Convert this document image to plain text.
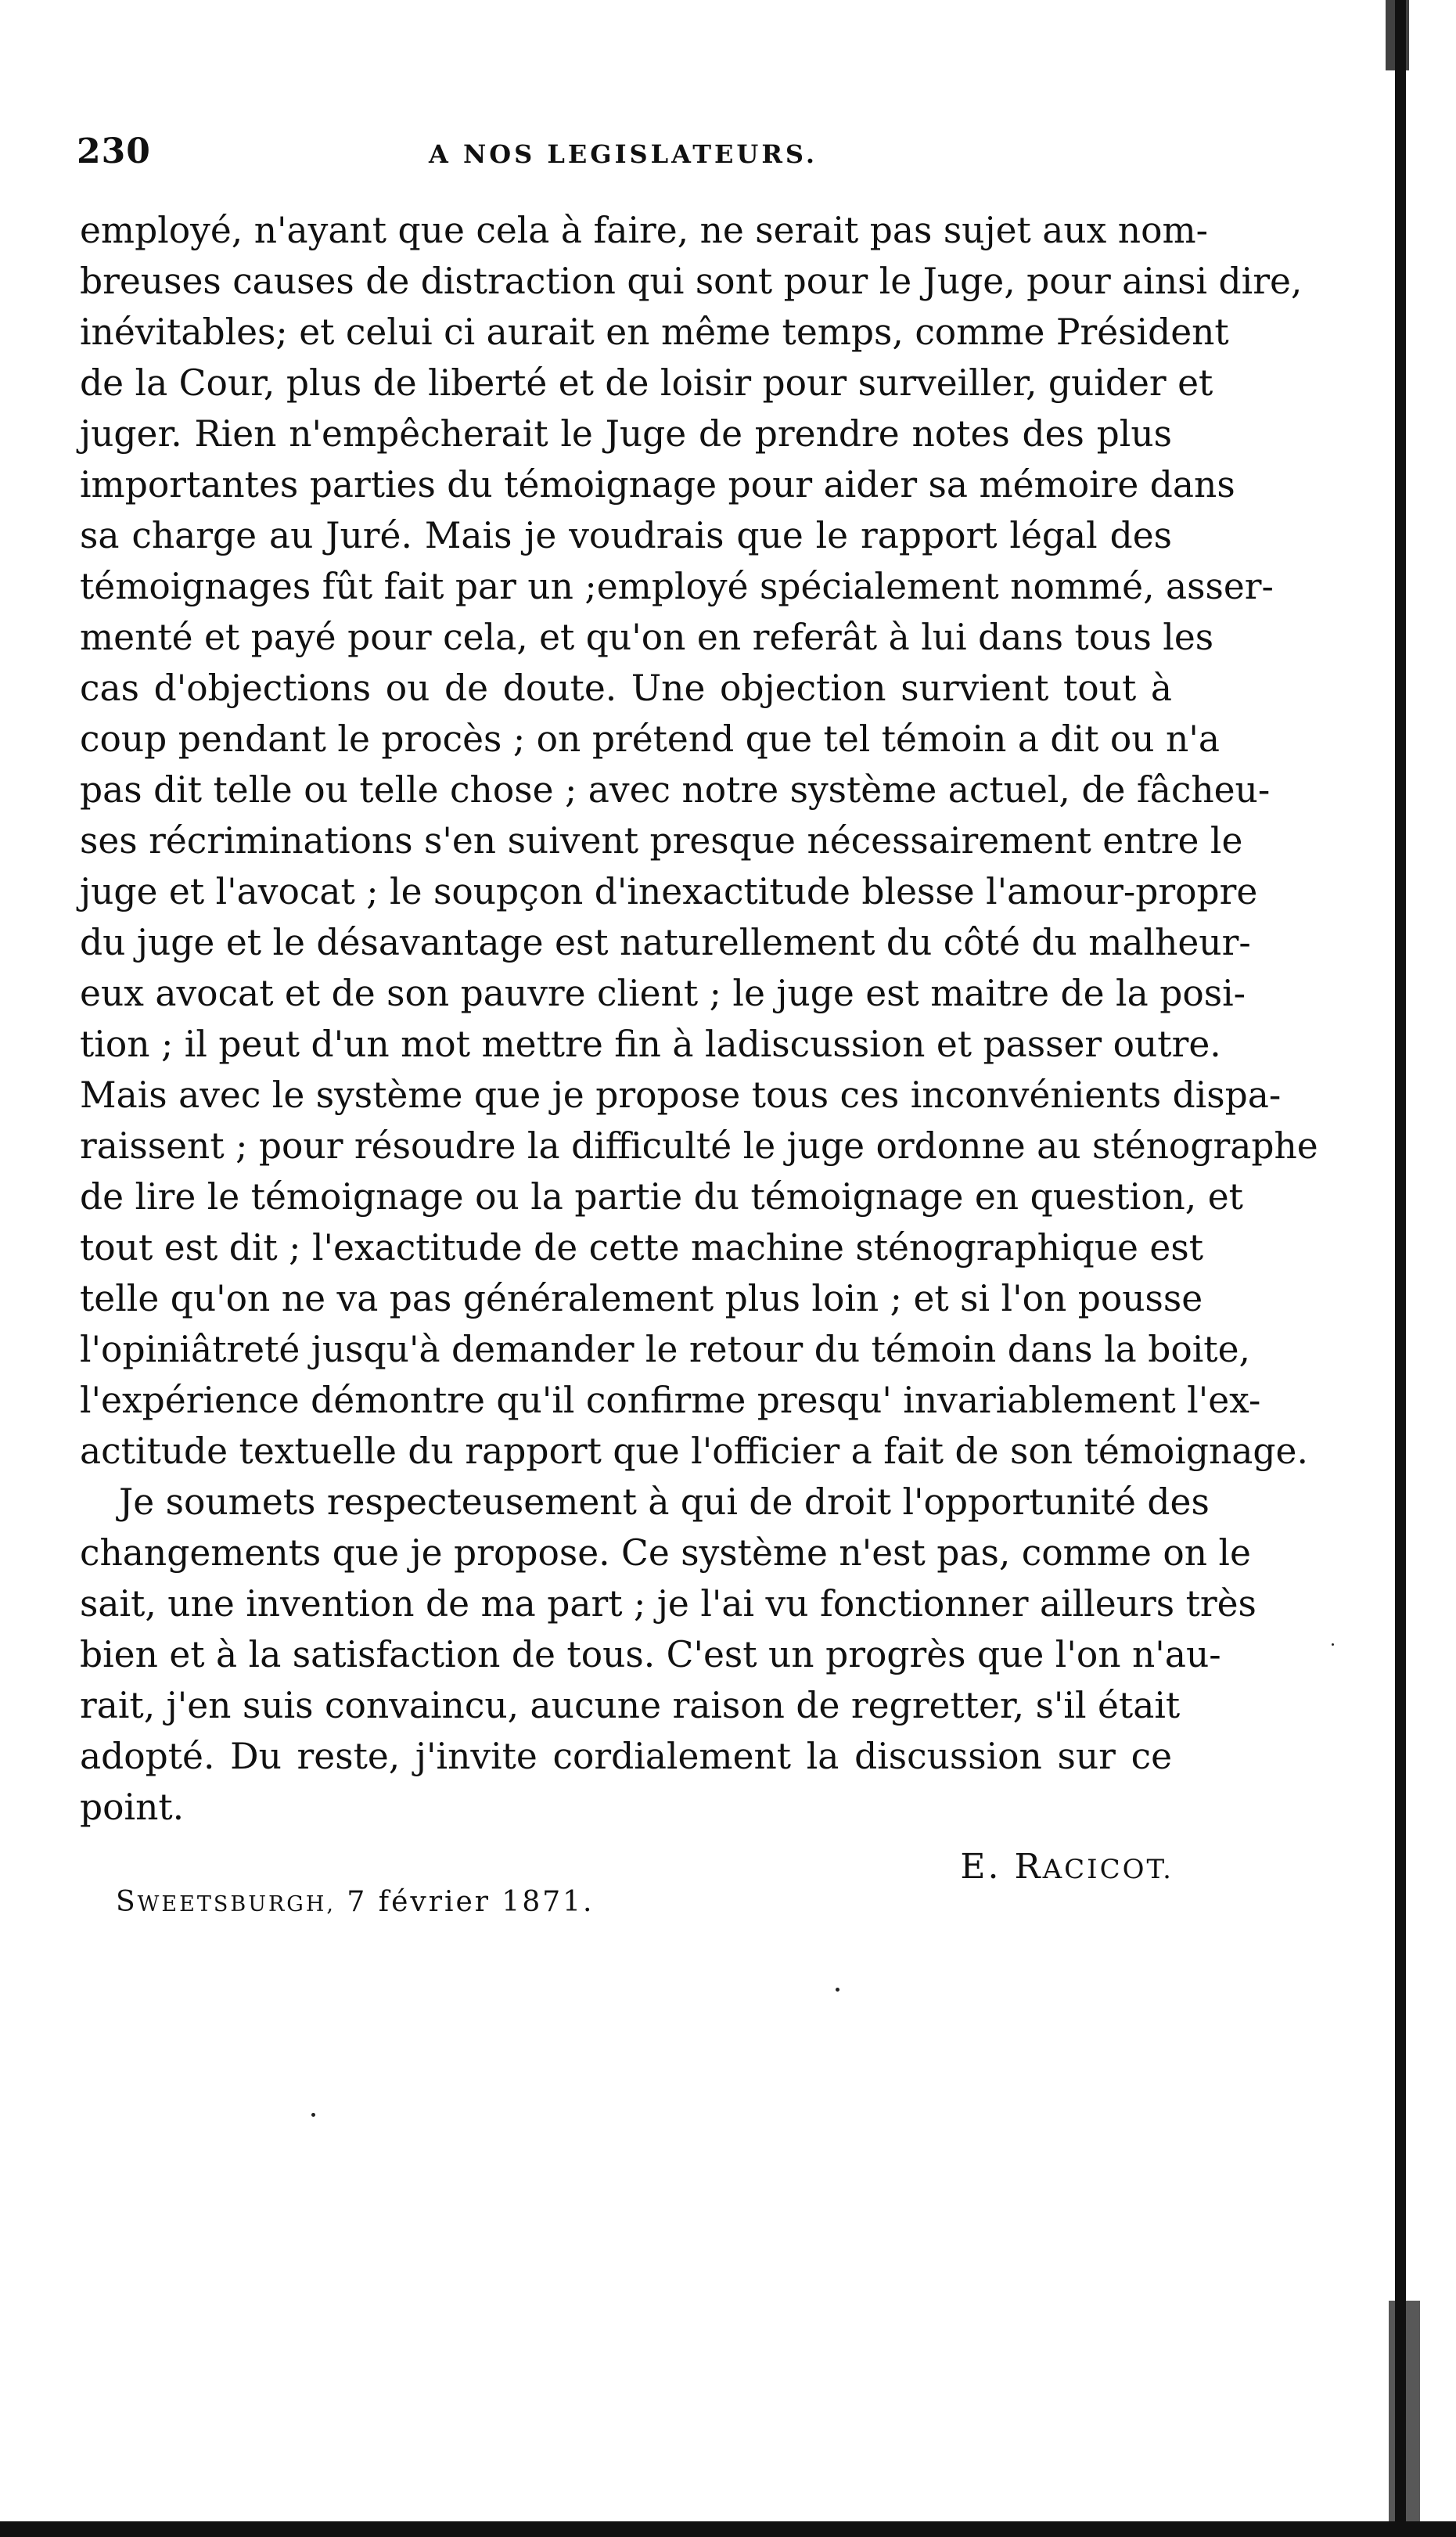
230	A NOS LEGISLATEURS.
employé, n'ayant que cela à faire, ne serait pas sujet aux nom-
breuses causes de distraction qui sont pour le Juge, pour ainsi dire,
inévitables; et celui ci aurait en même temps, comme Président
de la Cour, plus de liberté et de loisir pour surveiller, guider et
juger. Rien n'empêcherait le Juge de prendre notes des plus
importantes parties du témoignage pour aider sa mémoire dans
sa charge au Juré. Mais je voudrais que le rapport légal des
témoignages fût fait par un ;employé spécialement nommé, asser-
menté et payé pour cela, et qu'on en referât à lui dans tous les
cas d'objections ou de doute. Une objection survient tout à
coup pendant le procès ; on prétend que tel témoin a dit ou n'a
pas dit telle ou telle chose ; avec notre système actuel, de fâcheu-
ses récriminations s'en suivent presque nécessairement entre le
juge et l'avocat ; le soupçon d'inexactitude blesse l'amour-propre
du juge et le désavantage est naturellement du côté du malheur-
eux avocat et de son pauvre client ; le juge est maitre de la posi-
tion ; il peut d'un mot mettre fin à ladiscussion et passer outre.
Mais avec le système que je propose tous ces inconvénients dispa-
raissent ; pour résoudre la difficulté le juge ordonne au sténographe
de lire le témoignage ou la partie du témoignage en question, et
tout est dit ; l'exactitude de cette machine sténographique est
telle qu'on ne va pas généralement plus loin ; et si l'on pousse
l'opiniâtreté jusqu'à demander le retour du témoin dans la boite,
l'expérience démontre qu'il confirme presqu' invariablement l'ex-
actitude textuelle du rapport que l'officier a fait de son témoignage.
Je soumets respecteusement à qui de droit l'opportunité des
changements que je propose. Ce système n'est pas, comme on le
sait, une invention de ma part ; je l'ai vu fonctionner ailleurs très
bien et à la satisfaction de tous. C'est un progrès que l'on n'au-
rait, j'en suis convaincu, aucune raison de regretter, s'il était
adopté. Du reste, j'invite cordialement la discussion sur ce
point.
E. RACICOT.
SWEETSBURGH, 7 février 1871.
